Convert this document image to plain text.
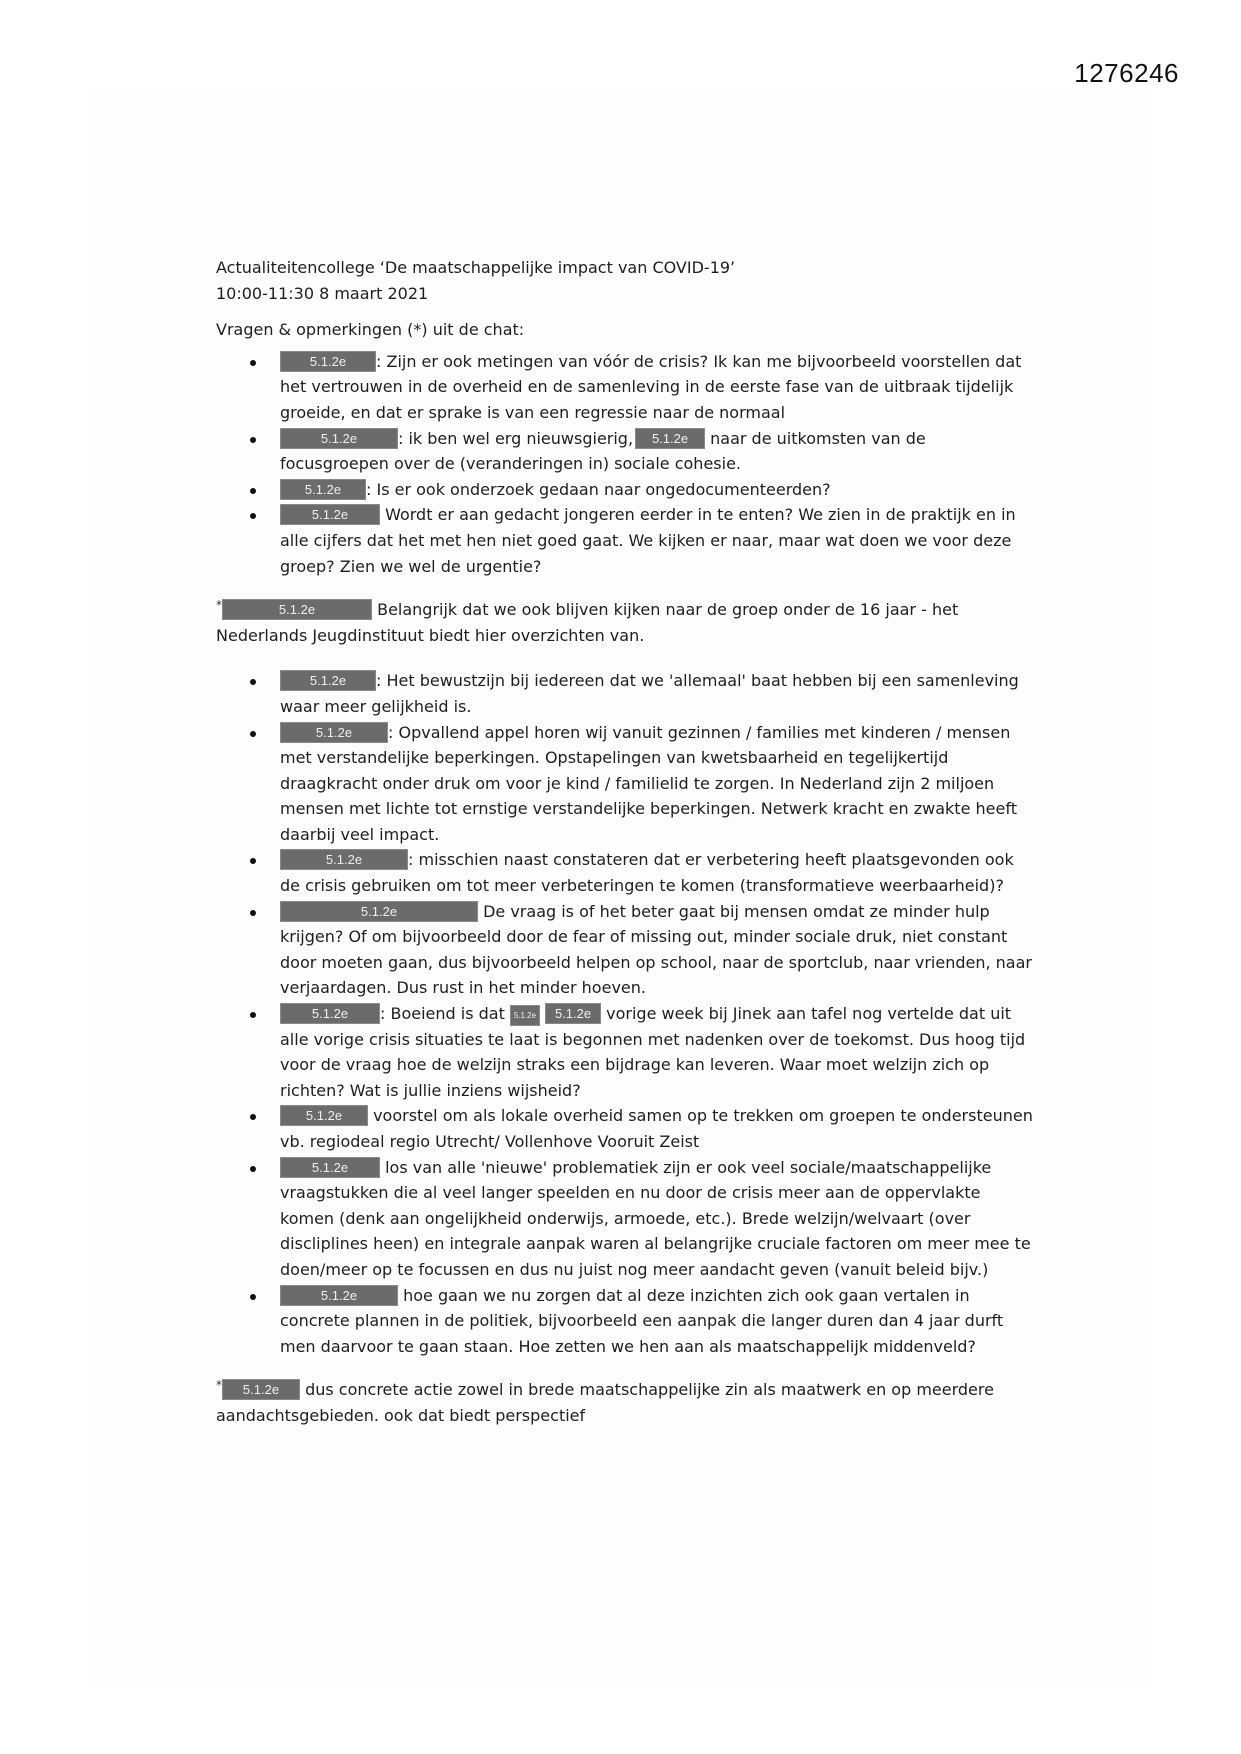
1276246

Actualiteitencollege ‘De maatschappelijke impact van COVID-19’

10:00-11:30 8 maart 2021

Vragen & opmerkingen (*) uit de chat:

5.1.2e : Zijn er ook metingen van vóór de crisis? Ik kan me bijvoorbeeld voorstellen dat het vertrouwen in de overheid en de samenleving in de eerste fase van de uitbraak tijdelijk groeide, en dat er sprake is van een regressie naar de normaal
5.1.2e	: ik ben wel erg nieuwsgierig, 5.1.2e naar de uitkomsten van de focusgroepen over de (veranderingen in) sociale cohesie.
5.1.2e : Is er ook onderzoek gedaan naar ongedocumenteerden?
5.1.2e Wordt er aan gedacht jongeren eerder in te enten? We zien in de praktijk en in alle cijfers dat het met hen niet goed gaat. We kijken er naar, maar wat doen we voor deze groep? Zien we wel de urgentie?

*	5.1.2e	Belangrijk dat we ook blijven kijken naar de groep onder de 16 jaar - het Nederlands Jeugdinstituut biedt hier overzichten van.

5.1.2e : Het bewustzijn bij iedereen dat we 'allemaal' baat hebben bij een samenleving waar meer gelijkheid is.
5.1.2e : Opvallend appel horen wij vanuit gezinnen / families met kinderen / mensen met verstandelijke beperkingen. Opstapelingen van kwetsbaarheid en tegelijkertijd draagkracht onder druk om voor je kind / familielid te zorgen. In Nederland zijn 2 miljoen mensen met lichte tot ernstige verstandelijke beperkingen. Netwerk kracht en zwakte heeft daarbij veel impact.
5.1.2e	: misschien naast constateren dat er verbetering heeft plaatsgevonden ook de crisis gebruiken om tot meer verbeteringen te komen (transformatieve weerbaarheid)?
5.1.2e	De vraag is of het beter gaat bij mensen omdat ze minder hulp krijgen? Of om bijvoorbeeld door de fear of missing out, minder sociale druk, niet constant door moeten gaan, dus bijvoorbeeld helpen op school, naar de sportclub, naar vrienden, naar verjaardagen. Dus rust in het minder hoeven.
5.1.2e : Boeiend is dat 5.1.2e 5.1.2e vorige week bij Jinek aan tafel nog vertelde dat uit alle vorige crisis situaties te laat is begonnen met nadenken over de toekomst. Dus hoog tijd voor de vraag hoe de welzijn straks een bijdrage kan leveren. Waar moet welzijn zich op richten? Wat is jullie inziens wijsheid?
5.1.2e voorstel om als lokale overheid samen op te trekken om groepen te ondersteunen vb. regiodeal regio Utrecht/ Vollenhove Vooruit Zeist
5.1.2e los van alle 'nieuwe' problematiek zijn er ook veel sociale/maatschappelijke vraagstukken die al veel langer speelden en nu door de crisis meer aan de oppervlakte komen (denk aan ongelijkheid onderwijs, armoede, etc.). Brede welzijn/welvaart (over discliplines heen) en integrale aanpak waren al belangrijke cruciale factoren om meer mee te doen/meer op te focussen en dus nu juist nog meer aandacht geven (vanuit beleid bijv.)
5.1.2e	hoe gaan we nu zorgen dat al deze inzichten zich ook gaan vertalen in concrete plannen in de politiek, bijvoorbeeld een aanpak die langer duren dan 4 jaar durft men daarvoor te gaan staan. Hoe zetten we hen aan als maatschappelijk middenveld?

* 5.1.2e dus concrete actie zowel in brede maatschappelijke zin als maatwerk en op meerdere aandachtsgebieden. ook dat biedt perspectief
